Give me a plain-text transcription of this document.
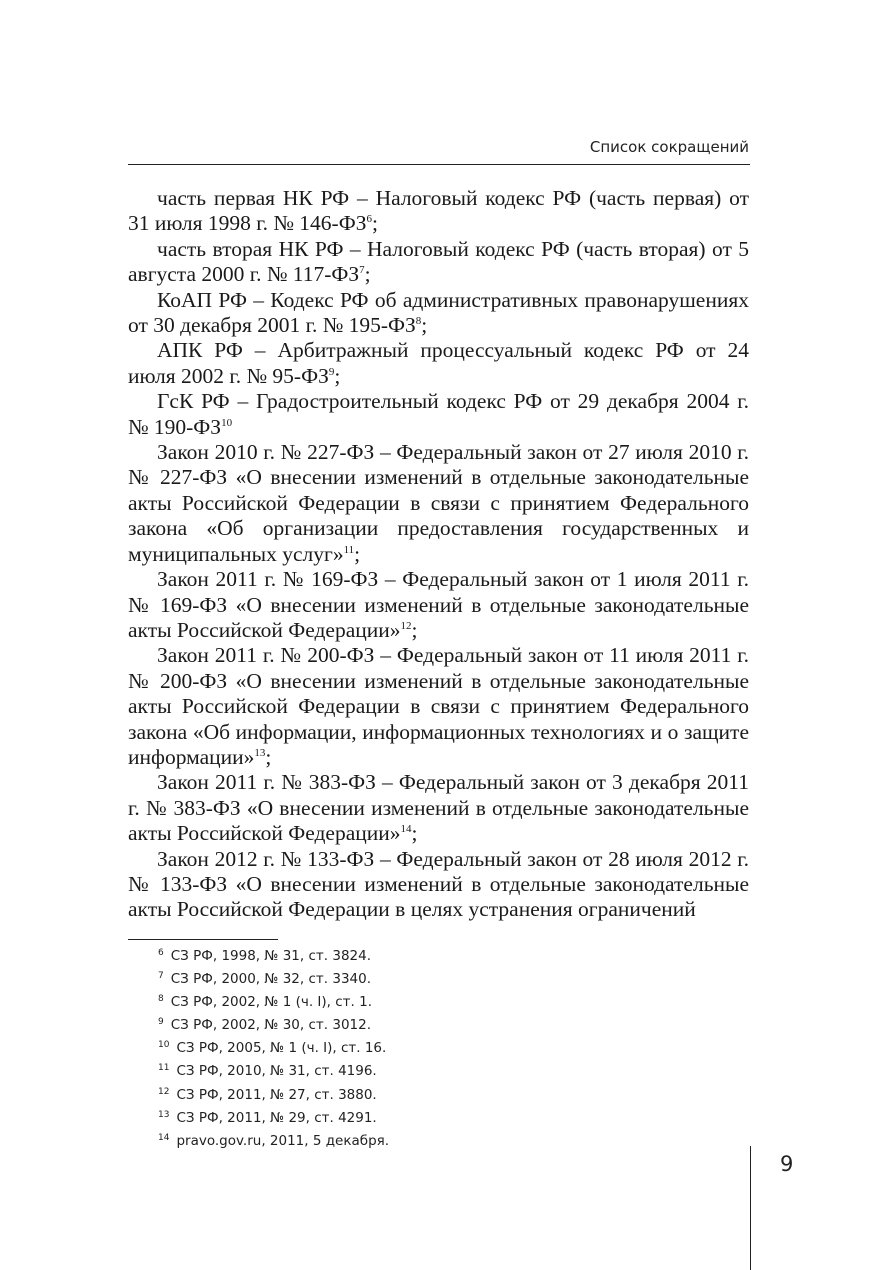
Список сокращений

часть первая НК РФ – Налоговый кодекс РФ (часть первая) от 31 июля 1998 г. № $146-ФЗ^6$;

часть вторая НК РФ – Налоговый кодекс РФ (часть вторая) от 5 августа 2000 г. № $117-ФЗ^7$;

КоАП РФ – Кодекс РФ об административных правонарушениях от 30 декабря 2001 г. № $195-ФЗ^8$;

АПК РФ – Арбитражный процессуальный кодекс РФ от 24 июля 2002 г. № $95-ФЗ^9$;

ГсК РФ – Градостроительный кодекс РФ от 29 декабря 2004 г. № 190-ФЗ$^{10}$

Закон 2010 г. № 227-ФЗ – Федеральный закон от 27 июля 2010 г. № 227-ФЗ «О внесении изменений в отдельные законодательные акты Российской Федерации в связи с принятием Федерального закона «Об организации предоставления государственных и муниципальных услуг»$^{11}$;

Закон 2011 г. № 169-ФЗ – Федеральный закон от 1 июля 2011 г. № 169-ФЗ «О внесении изменений в отдельные законодательные акты Российской Федерации»$^{12}$;

Закон 2011 г. № 200-ФЗ – Федеральный закон от 11 июля 2011 г. № 200-ФЗ «О внесении изменений в отдельные законодательные акты Российской Федерации в связи с принятием Федерального закона «Об информации, информационных технологиях и о защите информации»$^{13}$;

Закон 2011 г. № 383-ФЗ – Федеральный закон от 3 декабря 2011 г. № 383-ФЗ «О внесении изменений в отдельные законодательные акты Российской Федерации»$^{14}$;

Закон 2012 г. № 133-ФЗ – Федеральный закон от 28 июля 2012 г. № 133-ФЗ «О внесении изменений в отдельные законодательные акты Российской Федерации в целях устранения ограничений

$^6$ СЗ РФ, 1998, № 31, ст. 3824.
$^7$ СЗ РФ, 2000, № 32, ст. 3340.
$^8$ СЗ РФ, 2002, № 1 (ч. I), ст. 1.
$^9$ СЗ РФ, 2002, № 30, ст. 3012.
$^{10}$ СЗ РФ, 2005, № 1 (ч. I), ст. 16.
$^{11}$ СЗ РФ, 2010, № 31, ст. 4196.
$^{12}$ СЗ РФ, 2011, № 27, ст. 3880.
$^{13}$ СЗ РФ, 2011, № 29, ст. 4291.
$^{14}$ pravo.gov.ru, 2011, 5 декабря.
9
